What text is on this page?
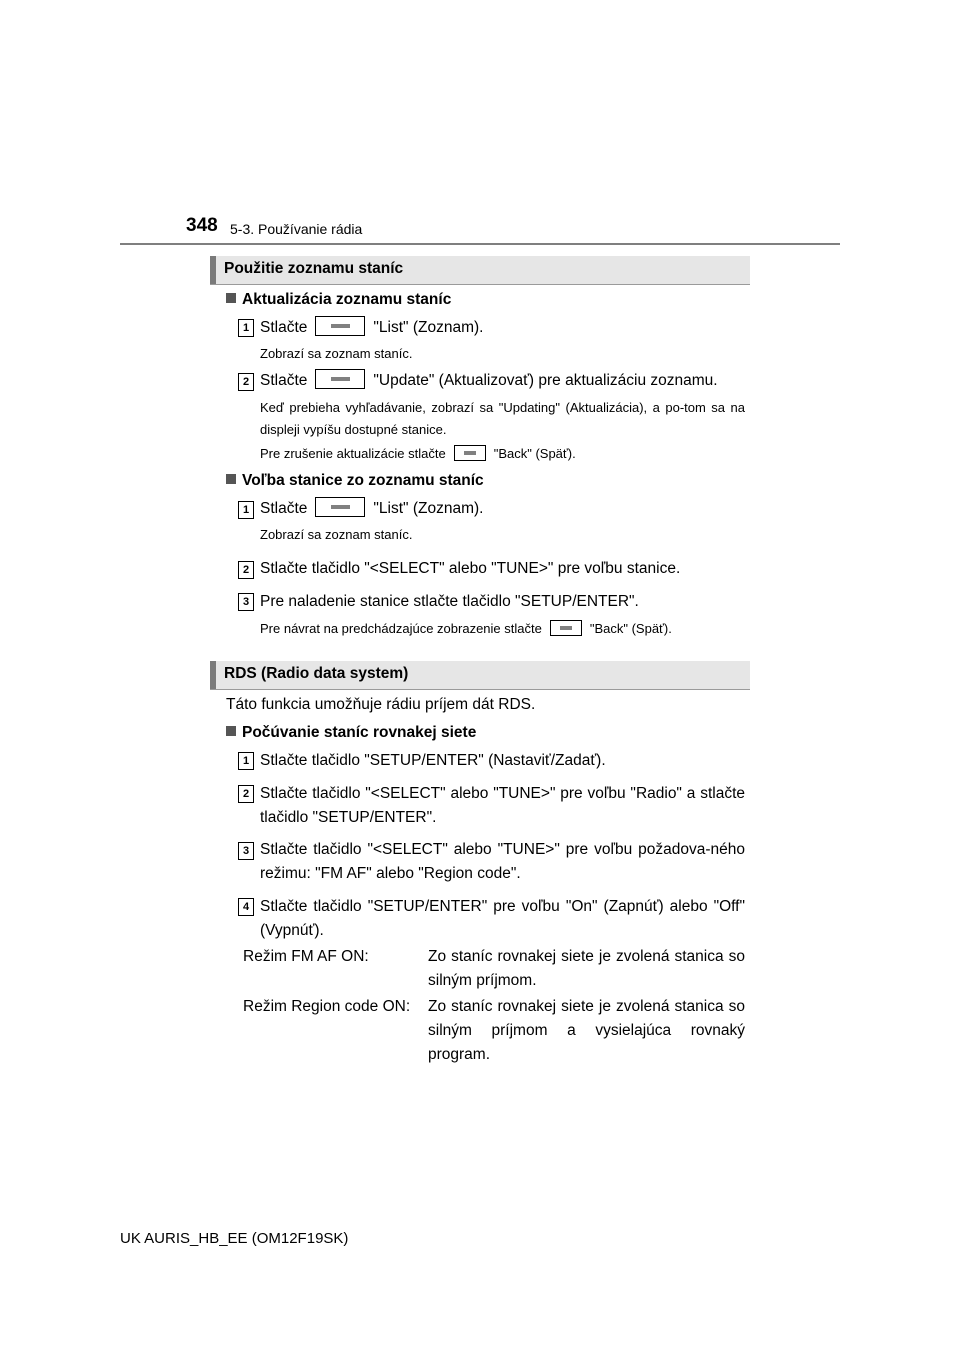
348 5-3. Používanie rádia
Použitie zoznamu staníc
Aktualizácia zoznamu staníc
1 Stlačte	"List" (Zoznam).
Zobrazí sa zoznam staníc.
2 Stlačte	"Update" (Aktualizovať) pre aktualizáciu zoznamu.
Keď prebieha vyhľadávanie, zobrazí sa "Updating" (Aktualizácia), a po-tom sa na displeji vypíšu dostupné stanice.
Pre zrušenie aktualizácie stlačte	"Back" (Späť).
Voľba stanice zo zoznamu staníc
1 Stlačte	"List" (Zoznam).
Zobrazí sa zoznam staníc.
2 Stlačte tlačidlo "<SELECT" alebo "TUNE>" pre voľbu stanice.
3 Pre naladenie stanice stlačte tlačidlo "SETUP/ENTER".
Pre návrat na predchádzajúce zobrazenie stlačte	"Back" (Späť).
RDS (Radio data system)
Táto funkcia umožňuje rádiu príjem dát RDS.
Počúvanie staníc rovnakej siete
1 Stlačte tlačidlo "SETUP/ENTER" (Nastaviť/Zadať).
2 Stlačte tlačidlo "<SELECT" alebo "TUNE>" pre voľbu "Radio" a stlačte tlačidlo "SETUP/ENTER".
3 Stlačte tlačidlo "<SELECT" alebo "TUNE>" pre voľbu požadova-ného režimu: "FM AF" alebo "Region code".
4 Stlačte tlačidlo "SETUP/ENTER" pre voľbu "On" (Zapnúť) alebo "Off" (Vypnúť).
Režim FM AF ON:	Zo staníc rovnakej siete je zvolená stanica so silným príjmom.
Režim Region code ON: Zo staníc rovnakej siete je zvolená stanica so silným príjmom a vysielajúca rovnaký program.
UK AURIS_HB_EE (OM12F19SK)
